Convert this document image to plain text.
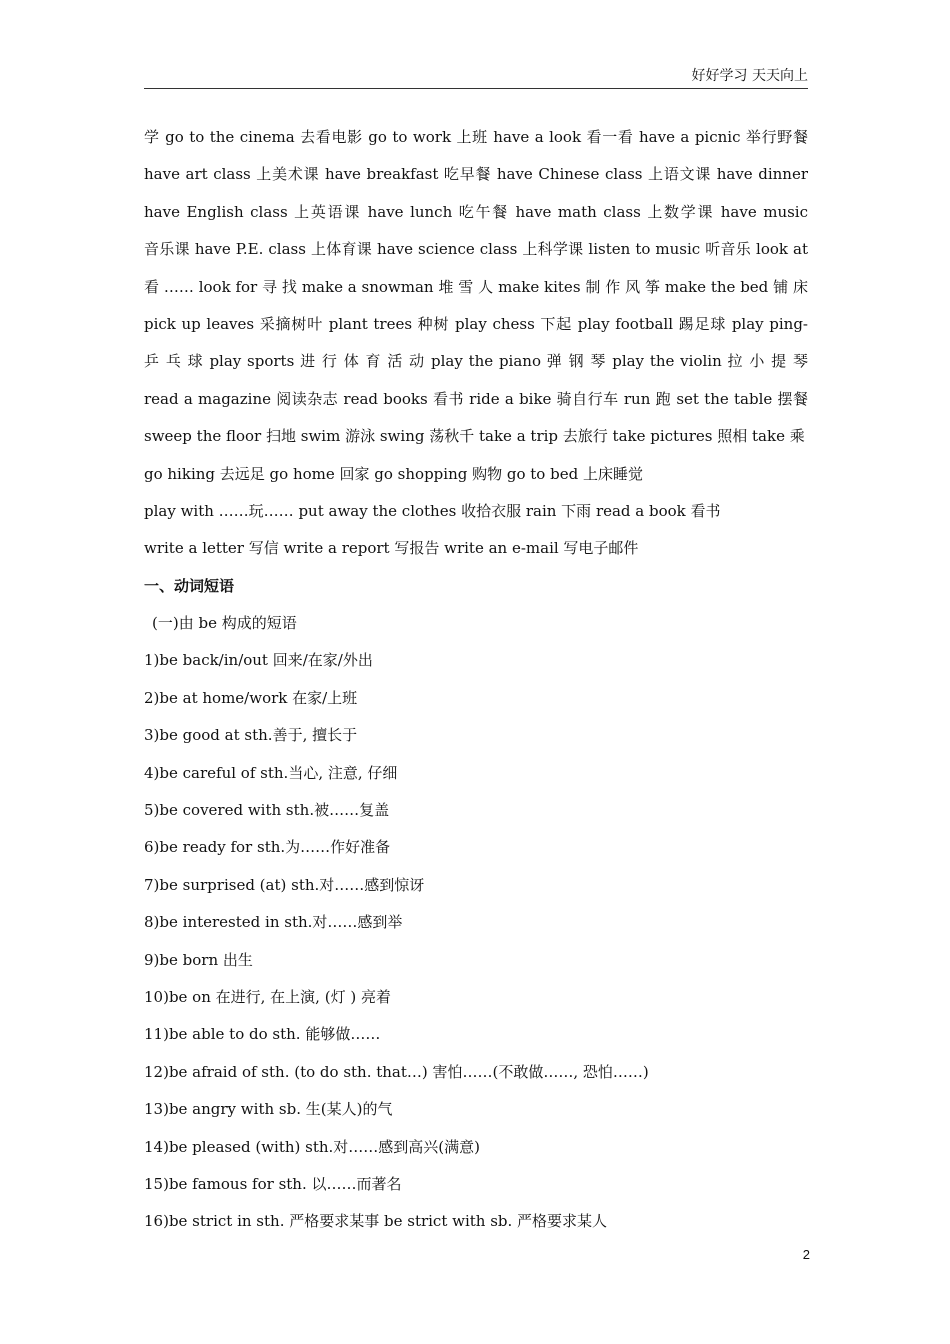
好好学习 天天向上
学 go to the cinema 去看电影 go to work 上班 have a look 看一看 have a picnic 举行野餐
have art class 上美术课 have breakfast 吃早餐 have Chinese class 上语文课 have dinner
have English class 上英语课 have lunch 吃午餐 have math class 上数学课 have music
音乐课 have P.E. class 上体育课 have science class 上科学课 listen to music 听音乐 look at
看 …… look for 寻 找 make a snowman 堆 雪 人 make kites 制 作 风 筝 make the bed 铺 床
pick up leaves 采摘树叶 plant trees 种树 play chess 下起 play football 踢足球 play ping-
乒 乓 球 play sports 进 行 体 育 活 动 play the piano 弹 钢 琴 play the violin 拉 小 提 琴
read a magazine 阅读杂志 read books 看书 ride a bike 骑自行车 run 跑 set the table 摆餐
sweep the floor 扫地 swim 游泳 swing 荡秋千 take a trip 去旅行 take pictures 照相 take 乘
go hiking 去远足 go home 回家 go shopping 购物 go to bed 上床睡觉
play with ……玩…… put away the clothes 收拾衣服 rain 下雨 read a book 看书
write a letter 写信 write a report 写报告 write an e-mail 写电子邮件
一、动词短语
(一)由 be 构成的短语
1)be back/in/out 回来/在家/外出
2)be at home/work 在家/上班
3)be good at sth.善于, 擅长于
4)be careful of sth.当心, 注意, 仔细
5)be covered with sth.被……复盖
6)be ready for sth.为……作好准备
7)be surprised (at) sth.对……感到惊讶
8)be interested in sth.对……感到举
9)be born 出生
10)be on 在进行, 在上演, (灯 ) 亮着
11)be able to do sth. 能够做……
12)be afraid of sth. (to do sth. that…) 害怕……(不敢做……, 恐怕……)
13)be angry with sb. 生(某人)的气
14)be pleased (with) sth.对……感到高兴(满意)
15)be famous for sth. 以……而著名
16)be strict in sth. 严格要求某事 be strict with sb. 严格要求某人
2
